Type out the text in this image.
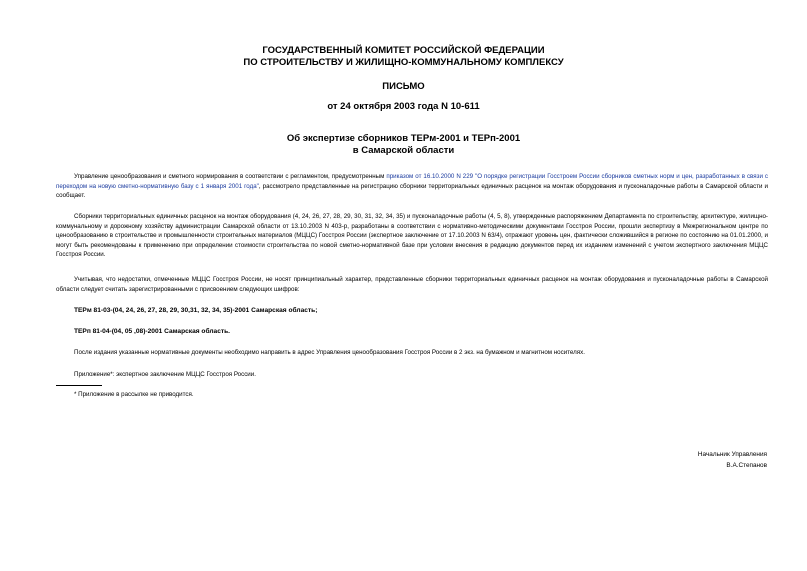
ГОСУДАРСТВЕННЫЙ КОМИТЕТ РОССИЙСКОЙ ФЕДЕРАЦИИ
ПО СТРОИТЕЛЬСТВУ И ЖИЛИЩНО-КОММУНАЛЬНОМУ КОМПЛЕКСУ
ПИСЬМО
от 24 октября 2003 года N 10-611
Об экспертизе сборников ТЕРм-2001 и ТЕРп-2001
в Самарской области
Управление ценообразования и сметного нормирования в соответствии с регламентом, предусмотренным приказом от 16.10.2000 N 229 "О порядке регистрации Госстроем России сборников сметных норм и цен, разработанных в связи с переходом на новую сметно-нормативную базу с 1 января 2001 года", рассмотрело представленные на регистрацию сборники территориальных единичных расценок на монтаж оборудования и пусконаладочные работы в Самарской области и сообщает.
Сборники территориальных единичных расценок на монтаж оборудования (4, 24, 26, 27, 28, 29, 30, 31, 32, 34, 35) и пусконаладочные работы (4, 5, 8), утвержденные распоряжением Департамента по строительству, архитектуре, жилищно-коммунальному и дорожному хозяйству администрации Самарской области от 13.10.2003 N 403-р, разработаны в соответствии с нормативно-методическими документами Госстроя России, прошли экспертизу в Межрегиональном центре по ценообразованию в строительстве и промышленности строительных материалов (МЦЦС) Госстроя России (экспертное заключение от 17.10.2003 N 63/4), отражают уровень цен, фактически сложившийся в регионе по состоянию на 01.01.2000, и могут быть рекомендованы к применению при определении стоимости строительства по новой сметно-нормативной базе при условии внесения в редакцию документов перед их изданием изменений с учетом экспертного заключения МЦЦС Госстроя России.
Учитывая, что недостатки, отмеченные МЦЦС Госстроя России, не носят принципиальный характер, представленные сборники территориальных единичных расценок на монтаж оборудования и пусконаладочные работы в Самарской области следует считать зарегистрированными с присвоением следующих шифров:
ТЕРм 81-03-(04, 24, 26, 27, 28, 29, 30,31, 32, 34, 35)-2001 Самарская область;
ТЕРп 81-04-(04, 05 ,08)-2001 Самарская область.
После издания указанные нормативные документы необходимо направить в адрес Управления ценообразования Госстроя России в 2 экз. на бумажном и магнитном носителях.
Приложение*: экспертное заключение МЦЦС Госстроя России.
* Приложение в рассылке не приводится.
Начальник Управления
В.А.Степанов
